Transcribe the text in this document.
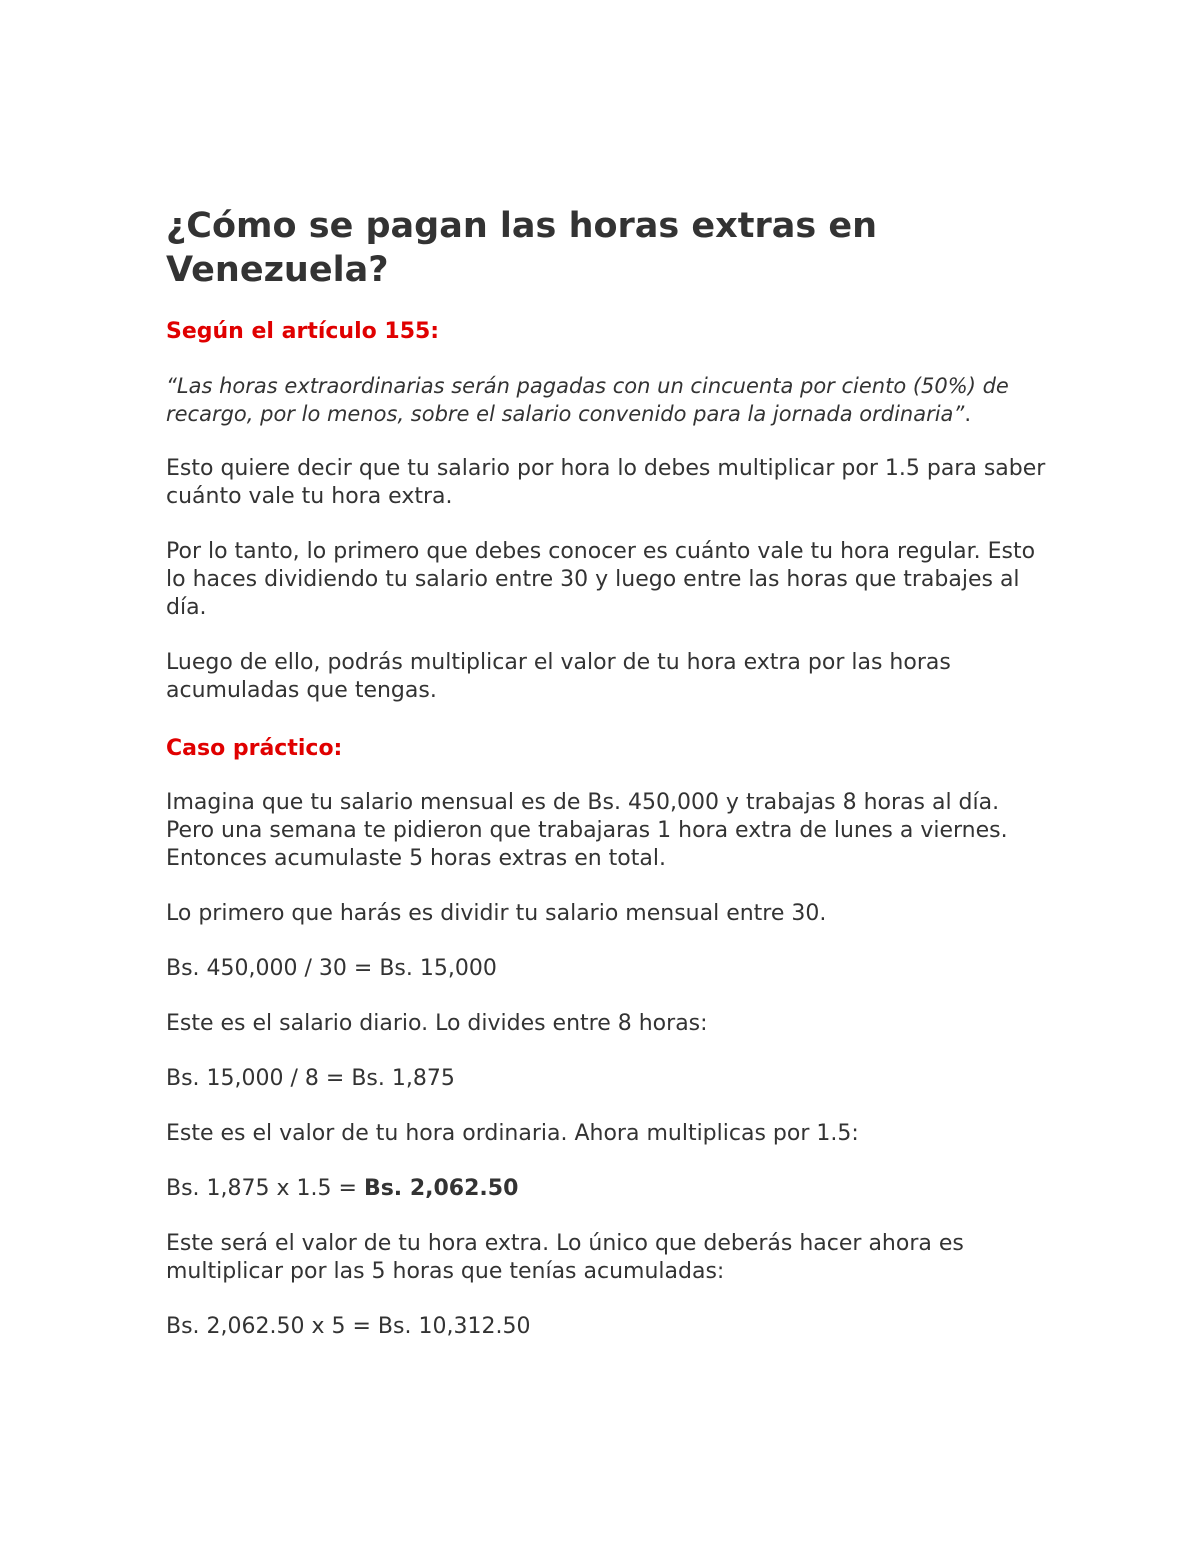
¿Cómo se pagan las horas extras en Venezuela?
Según el artículo 155:
“Las horas extraordinarias serán pagadas con un cincuenta por ciento (50%) de recargo, por lo menos, sobre el salario convenido para la jornada ordinaria”.
Esto quiere decir que tu salario por hora lo debes multiplicar por 1.5 para saber cuánto vale tu hora extra.
Por lo tanto, lo primero que debes conocer es cuánto vale tu hora regular. Esto lo haces dividiendo tu salario entre 30 y luego entre las horas que trabajes al día.
Luego de ello, podrás multiplicar el valor de tu hora extra por las horas acumuladas que tengas.
Caso práctico:
Imagina que tu salario mensual es de Bs. 450,000 y trabajas 8 horas al día. Pero una semana te pidieron que trabajaras 1 hora extra de lunes a viernes. Entonces acumulaste 5 horas extras en total.
Lo primero que harás es dividir tu salario mensual entre 30.
Bs. 450,000 / 30 = Bs. 15,000
Este es el salario diario. Lo divides entre 8 horas:
Bs. 15,000 / 8 = Bs. 1,875
Este es el valor de tu hora ordinaria. Ahora multiplicas por 1.5:
Bs. 1,875 x 1.5 = Bs. 2,062.50
Este será el valor de tu hora extra. Lo único que deberás hacer ahora es multiplicar por las 5 horas que tenías acumuladas:
Bs. 2,062.50 x 5 = Bs. 10,312.50
